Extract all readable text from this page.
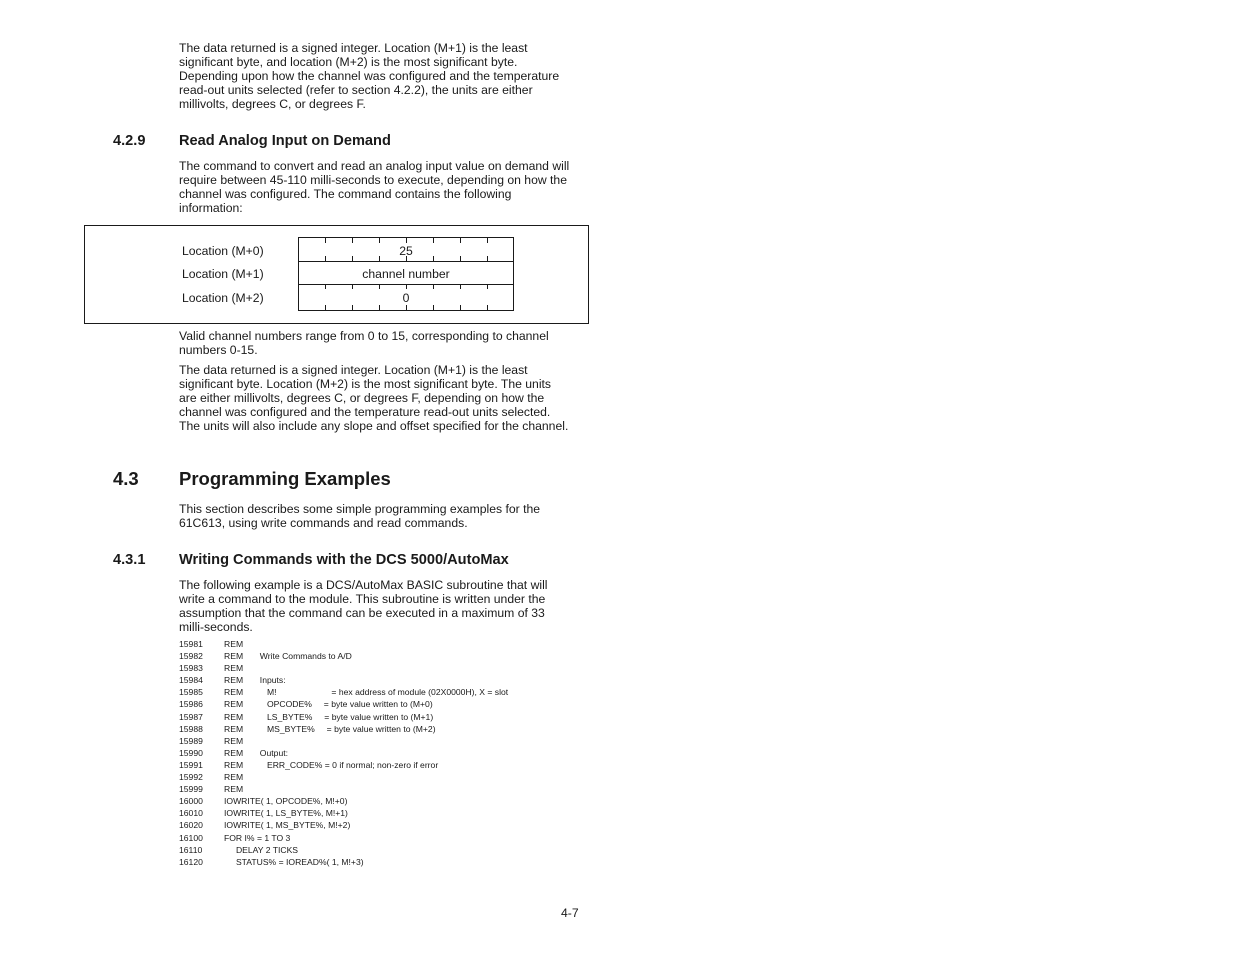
The data returned is a signed integer. Location (M+1) is the least significant byte, and location (M+2) is the most significant byte. Depending upon how the channel was configured and the temperature read-out units selected (refer to section 4.2.2), the units are either millivolts, degrees C, or degrees F.

4.2.9 Read Analog Input on Demand

The command to convert and read an analog input value on demand will require between 45-110 milli-seconds to execute, depending on how the channel was configured. The command contains the following information:

Location (M+0)
Location (M+1)
Location (M+2)
25
channel number
0

Valid channel numbers range from 0 to 15, corresponding to channel numbers 0-15.

The data returned is a signed integer. Location (M+1) is the least significant byte. Location (M+2) is the most significant byte. The units are either millivolts, degrees C, or degrees F, depending on how the channel was configured and the temperature read-out units selected. The units will also include any slope and offset specified for the channel.

4.3 Programming Examples

This section describes some simple programming examples for the 61C613, using write commands and read commands.

4.3.1 Writing Commands with the DCS 5000/AutoMax

The following example is a DCS/AutoMax BASIC subroutine that will write a command to the module. This subroutine is written under the assumption that the command can be executed in a maximum of 33 milli-seconds.

15981 REM
15982 REM       Write Commands to A/D
15983 REM
15984 REM       Inputs:
15985 REM          M!                       = hex address of module (02X0000H), X = slot
15986 REM          OPCODE%     = byte value written to (M+0)
15987 REM          LS_BYTE%     = byte value written to (M+1)
15988 REM          MS_BYTE%     = byte value written to (M+2)
15989 REM
15990 REM       Output:
15991 REM          ERR_CODE% = 0 if normal; non-zero if error
15992 REM
15999 REM
16000 IOWRITE( 1, OPCODE%, M!+0)
16010 IOWRITE( 1, LS_BYTE%, M!+1)
16020 IOWRITE( 1, MS_BYTE%, M!+2)
16100 FOR I% = 1 TO 3
16110	DELAY 2 TICKS
16120 STATUS% = IOREAD%( 1, M!+3)
4-7
